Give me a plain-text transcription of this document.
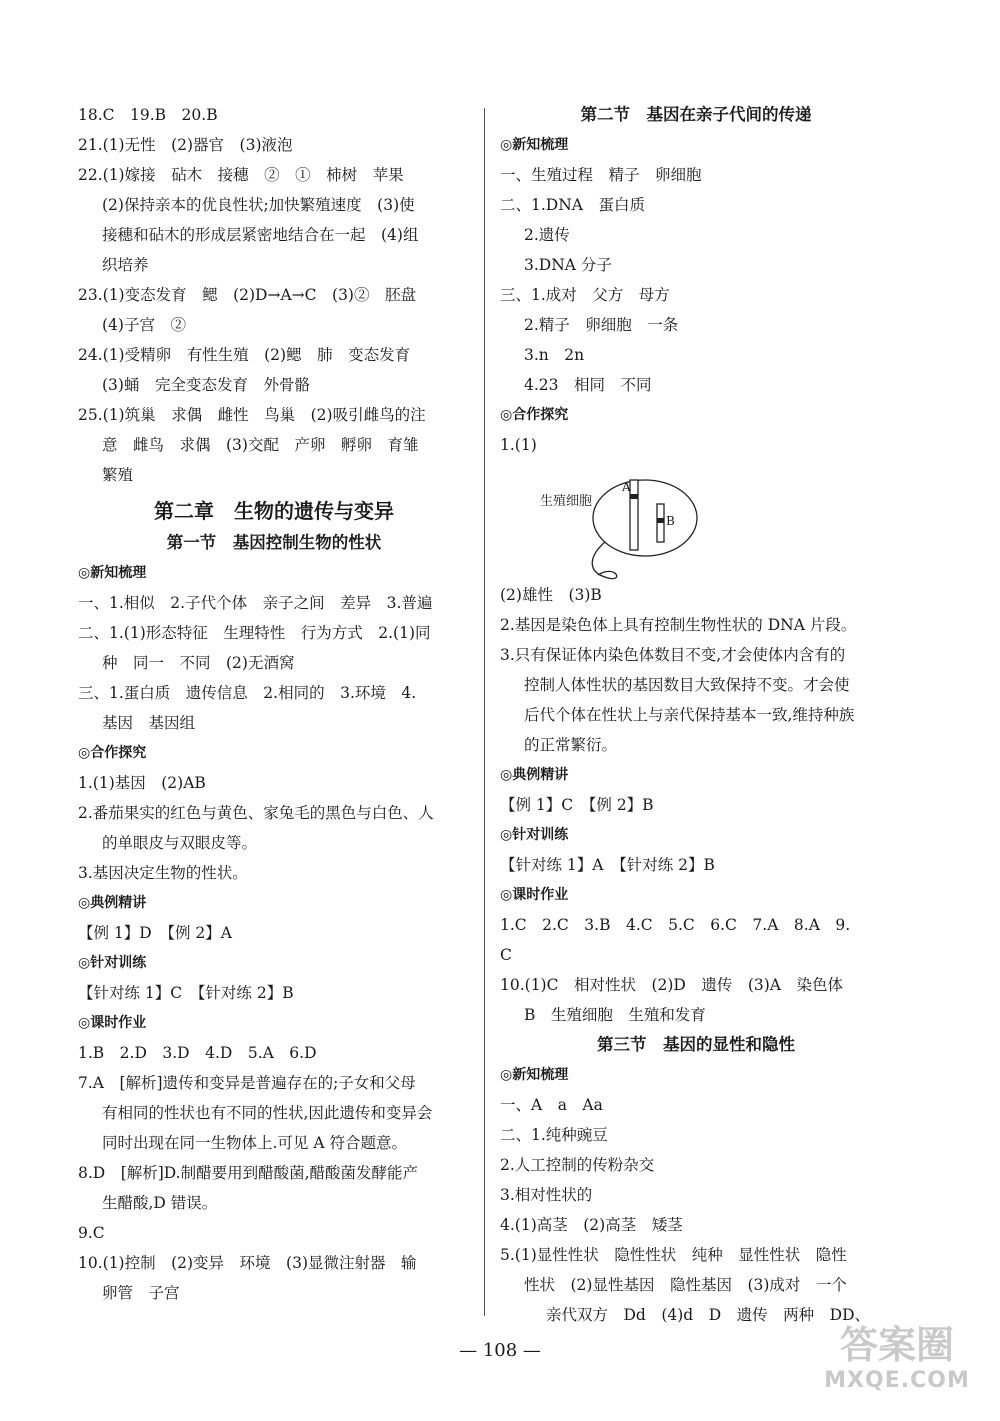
18.C　19.B　20.B
21.(1)无性　(2)器官　(3)液泡
22.(1)嫁接　砧木　接穗　②　①　柿树　苹果
(2)保持亲本的优良性状;加快繁殖速度　(3)使
接穗和砧木的形成层紧密地结合在一起　(4)组
织培养
23.(1)变态发育　鳃　(2)D→A→C　(3)②　胚盘
(4)子宫　②
24.(1)受精卵　有性生殖　(2)鳃　肺　变态发育
(3)蛹　完全变态发育　外骨骼
25.(1)筑巢　求偶　雌性　鸟巢　(2)吸引雌鸟的注
意　雌鸟　求偶　(3)交配　产卵　孵卵　育雏
繁殖
第二章　生物的遗传与变异
第一节　基因控制生物的性状
◎新知梳理
一、1.相似　2.子代个体　亲子之间　差异　3.普遍
二、1.(1)形态特征　生理特性　行为方式　2.(1)同
种　同一　不同　(2)无酒窝
三、1.蛋白质　遗传信息　2.相同的　3.环境　4.
基因　基因组
◎合作探究
1.(1)基因　(2)AB
2.番茄果实的红色与黄色、家兔毛的黑色与白色、人
的单眼皮与双眼皮等。
3.基因决定生物的性状。
◎典例精讲
【例 1】D　【例 2】A
◎针对训练
【针对练 1】C　【针对练 2】B
◎课时作业
1.B　2.D　3.D　4.D　5.A　6.D
7.A　[解析]遗传和变异是普遍存在的;子女和父母
有相同的性状也有不同的性状,因此遗传和变异会
同时出现在同一生物体上.可见 A 符合题意。
8.D　[解析]D.制醋要用到醋酸菌,醋酸菌发酵能产
生醋酸,D 错误。
9.C
10.(1)控制　(2)变异　环境　(3)显微注射器　输
卵管　子宫
第二节　基因在亲子代间的传递
◎新知梳理
一、生殖过程　精子　卵细胞
二、1.DNA　蛋白质
2.遗传
3.DNA 分子
三、1.成对　父方　母方
2.精子　卵细胞　一条
3.n　2n
4.23　相同　不同
◎合作探究
1.(1)
生殖细胞
A
B
(2)雄性　(3)B
2.基因是染色体上具有控制生物性状的 DNA 片段。
3.只有保证体内染色体数目不变,才会使体内含有的
控制人体性状的基因数目大致保持不变。才会使
后代个体在性状上与亲代保持基本一致,维持种族
的正常繁衍。
◎典例精讲
【例 1】C　【例 2】B
◎针对训练
【针对练 1】A　【针对练 2】B
◎课时作业
1.C　2.C　3.B　4.C　5.C　6.C　7.A　8.A　9.
C
10.(1)C　相对性状　(2)D　遗传　(3)A　染色体
B　生殖细胞　生殖和发育
第三节　基因的显性和隐性
◎新知梳理
一、A　a　Aa
二、1.纯种豌豆
2.人工控制的传粉杂交
3.相对性状的
4.(1)高茎　(2)高茎　矮茎
5.(1)显性性状　隐性性状　纯种　显性性状　隐性
性状　(2)显性基因　隐性基因　(3)成对　一个
亲代双方　Dd　(4)d　D　遗传　两种　DD、
— 108 —	答案圈
MXQE.COM
